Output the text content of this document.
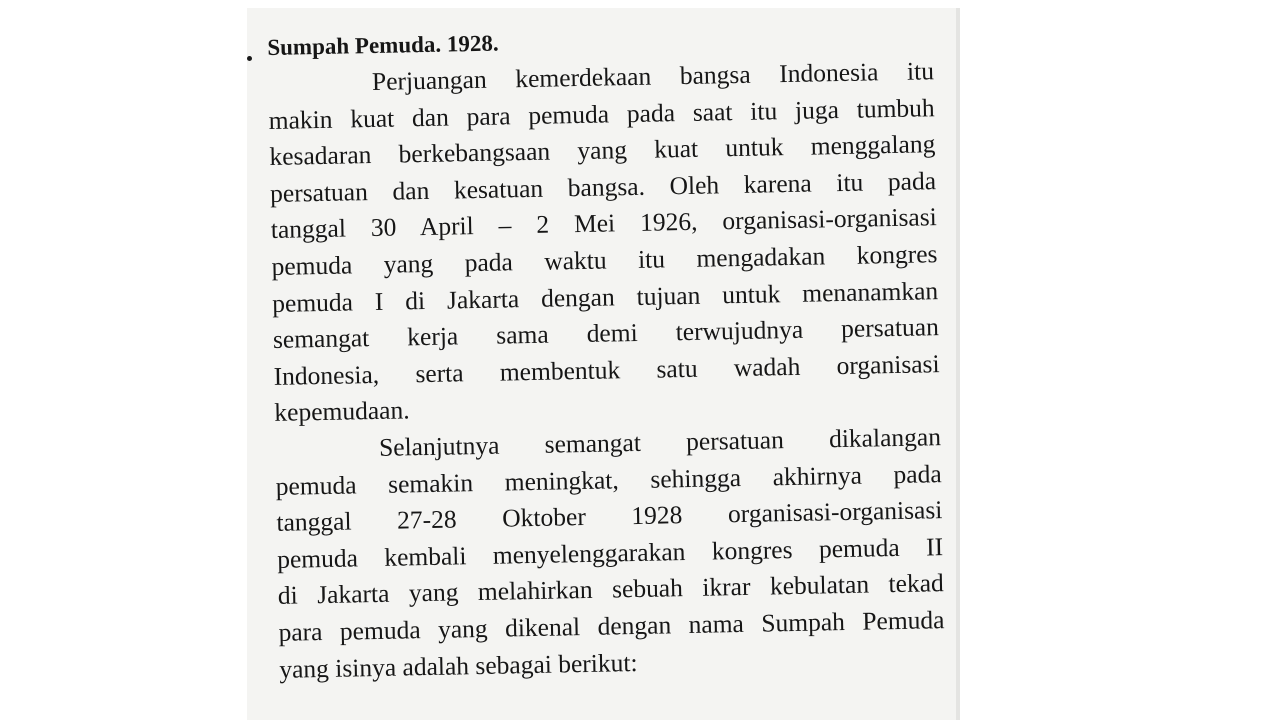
Sumpah Pemuda. 1928.

Perjuangan kemerdekaan bangsa Indonesia itu
makin kuat dan para pemuda pada saat itu juga tumbuh
kesadaran berkebangsaan yang kuat untuk menggalang
persatuan dan kesatuan bangsa. Oleh karena itu pada
tanggal 30 April – 2 Mei 1926, organisasi-organisasi
pemuda yang pada waktu itu mengadakan kongres
pemuda I di Jakarta dengan tujuan untuk menanamkan
semangat kerja sama demi terwujudnya persatuan
Indonesia, serta membentuk satu wadah organisasi
kepemudaan.

Selanjutnya semangat persatuan dikalangan
pemuda semakin meningkat, sehingga akhirnya pada
tanggal 27-28 Oktober 1928 organisasi-organisasi
pemuda kembali menyelenggarakan kongres pemuda II
di Jakarta yang melahirkan sebuah ikrar kebulatan tekad
para pemuda yang dikenal dengan nama Sumpah Pemuda
yang isinya adalah sebagai berikut:
